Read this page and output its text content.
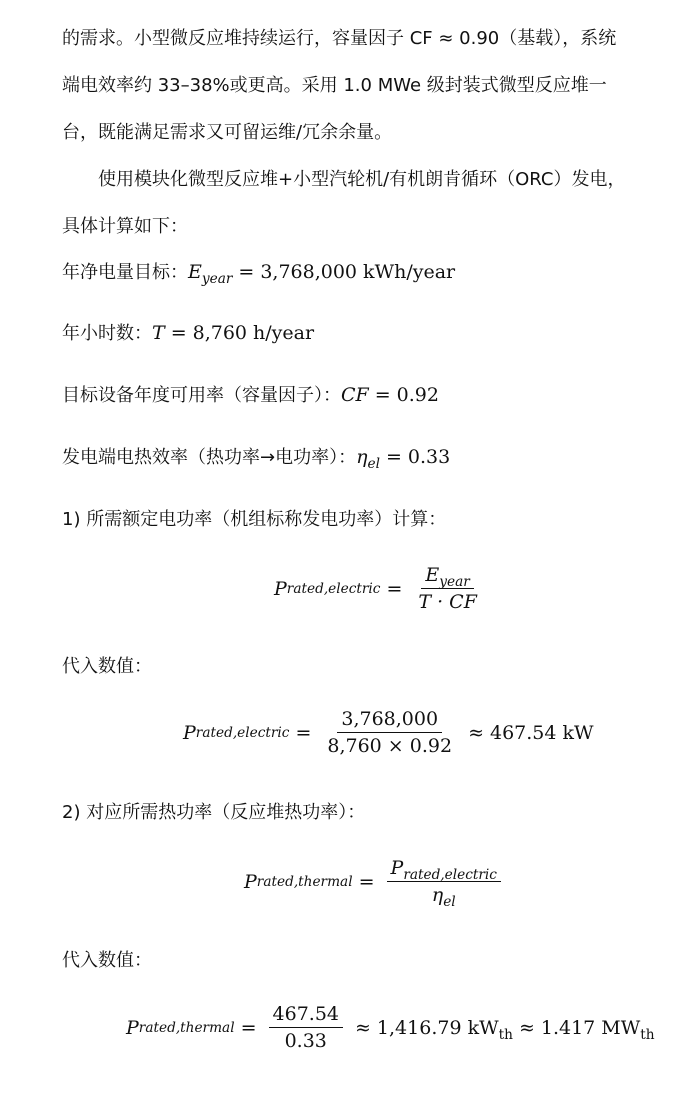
的需求。小型微反应堆持续运行，容量因子 CF ≈ 0.90（基载），系统
端电效率约 33–38%或更高。采用 1.0 MWe 级封装式微型反应堆一
台，既能满足需求又可留运维/冗余余量。
使用模块化微型反应堆+小型汽轮机/有机朗肯循环（ORC）发电，
具体计算如下：
年净电量目标：$E_{year} = 3,768,000$ kWh/year
年小时数：T = 8,760 h/year
目标设备年度可用率（容量因子）：CF = 0.92
发电端电热效率（热功率→电功率）：$\eta_{el} = 0.33$
1) 所需额定电功率（机组标称发电功率）计算：
P rated,electric = $\frac{E_{year}}{T \cdot CF}$
代入数值：
P rated,electric = $\frac{3,768,000}{8,760 \times 0.92} \approx 467.54$ kW
2) 对应所需热功率（反应堆热功率）：
P rated,thermal = $\frac{P_{rated,electric}}{\eta_{el}}$
代入数值：
P rated,thermal = $\frac{467.54}{0.33} \approx 1,416.79$ $kW_{th} \approx 1.417$ $MW_{th}$
